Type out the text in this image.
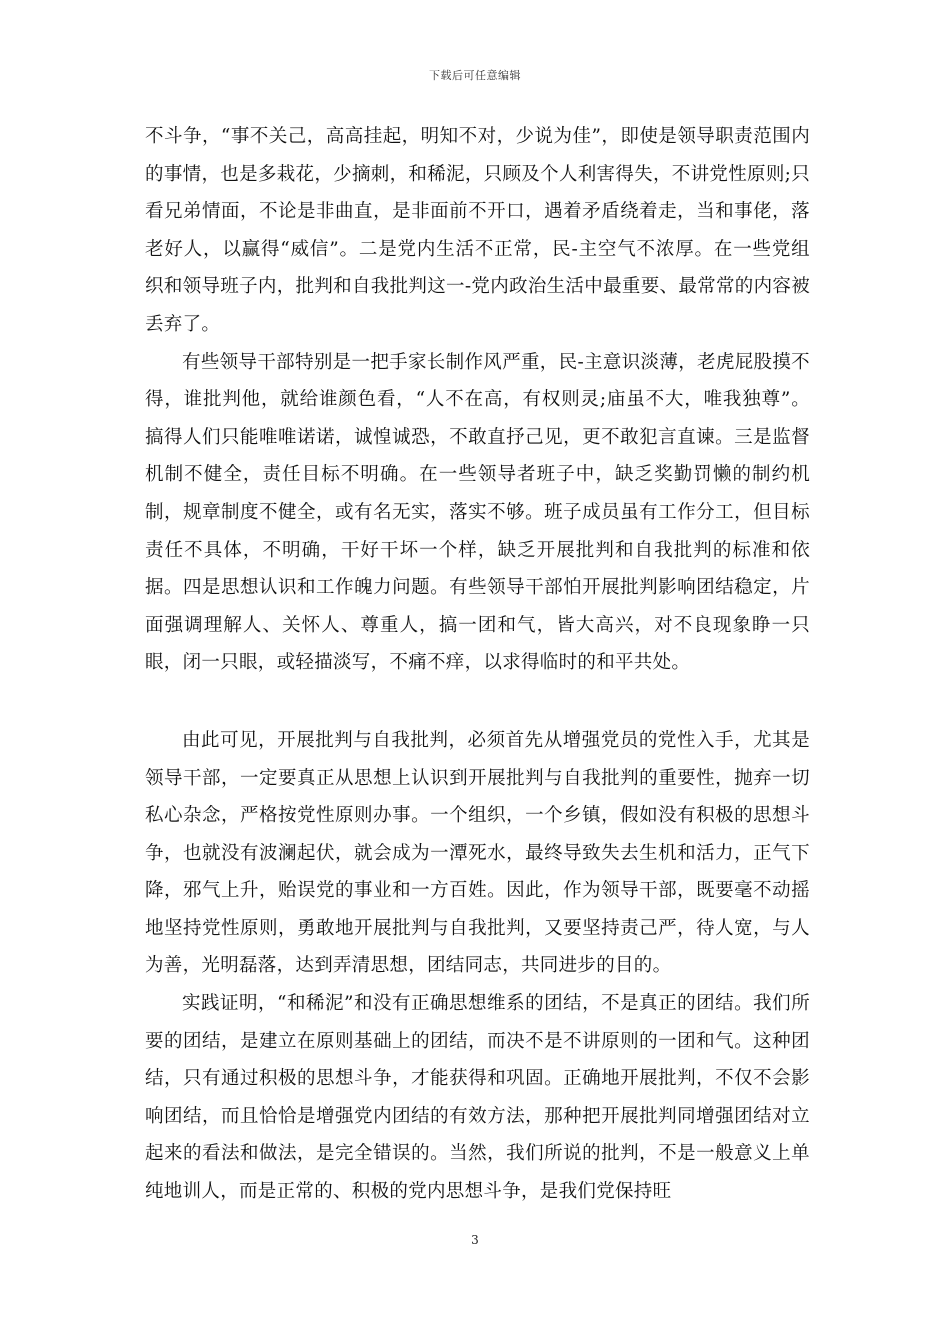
下载后可任意编辑

不斗争，“事不关己，高高挂起，明知不对，少说为佳”，即使是领导职责范围内的事情，也是多栽花，少摘刺，和稀泥，只顾及个人利害得失，不讲党性原则;只看兄弟情面，不论是非曲直，是非面前不开口，遇着矛盾绕着走，当和事佬，落老好人，以赢得“威信”。二是党内生活不正常，民-主空气不浓厚。在一些党组织和领导班子内，批判和自我批判这一-党内政治生活中最重要、最常常的内容被丢弃了。

有些领导干部特别是一把手家长制作风严重，民-主意识淡薄，老虎屁股摸不得，谁批判他，就给谁颜色看，“人不在高，有权则灵;庙虽不大，唯我独尊”。搞得人们只能唯唯诺诺，诚惶诚恐，不敢直抒己见，更不敢犯言直谏。三是监督机制不健全，责任目标不明确。在一些领导者班子中，缺乏奖勤罚懒的制约机制，规章制度不健全，或有名无实，落实不够。班子成员虽有工作分工，但目标责任不具体，不明确，干好干坏一个样，缺乏开展批判和自我批判的标准和依据。四是思想认识和工作魄力问题。有些领导干部怕开展批判影响团结稳定，片面强调理解人、关怀人、尊重人，搞一团和气，皆大高兴，对不良现象睁一只眼，闭一只眼，或轻描淡写，不痛不痒，以求得临时的和平共处。

由此可见，开展批判与自我批判，必须首先从增强党员的党性入手，尤其是领导干部，一定要真正从思想上认识到开展批判与自我批判的重要性，抛弃一切私心杂念，严格按党性原则办事。一个组织，一个乡镇，假如没有积极的思想斗争，也就没有波澜起伏，就会成为一潭死水，最终导致失去生机和活力，正气下降，邪气上升，贻误党的事业和一方百姓。因此，作为领导干部，既要毫不动摇地坚持党性原则，勇敢地开展批判与自我批判，又要坚持责己严，待人宽，与人为善，光明磊落，达到弄清思想，团结同志，共同进步的目的。

实践证明，“和稀泥”和没有正确思想维系的团结，不是真正的团结。我们所要的团结，是建立在原则基础上的团结，而决不是不讲原则的一团和气。这种团结，只有通过积极的思想斗争，才能获得和巩固。正确地开展批判，不仅不会影响团结，而且恰恰是增强党内团结的有效方法，那种把开展批判同增强团结对立起来的看法和做法，是完全错误的。当然，我们所说的批判，不是一般意义上单纯地训人，而是正常的、积极的党内思想斗争，是我们党保持旺

3
